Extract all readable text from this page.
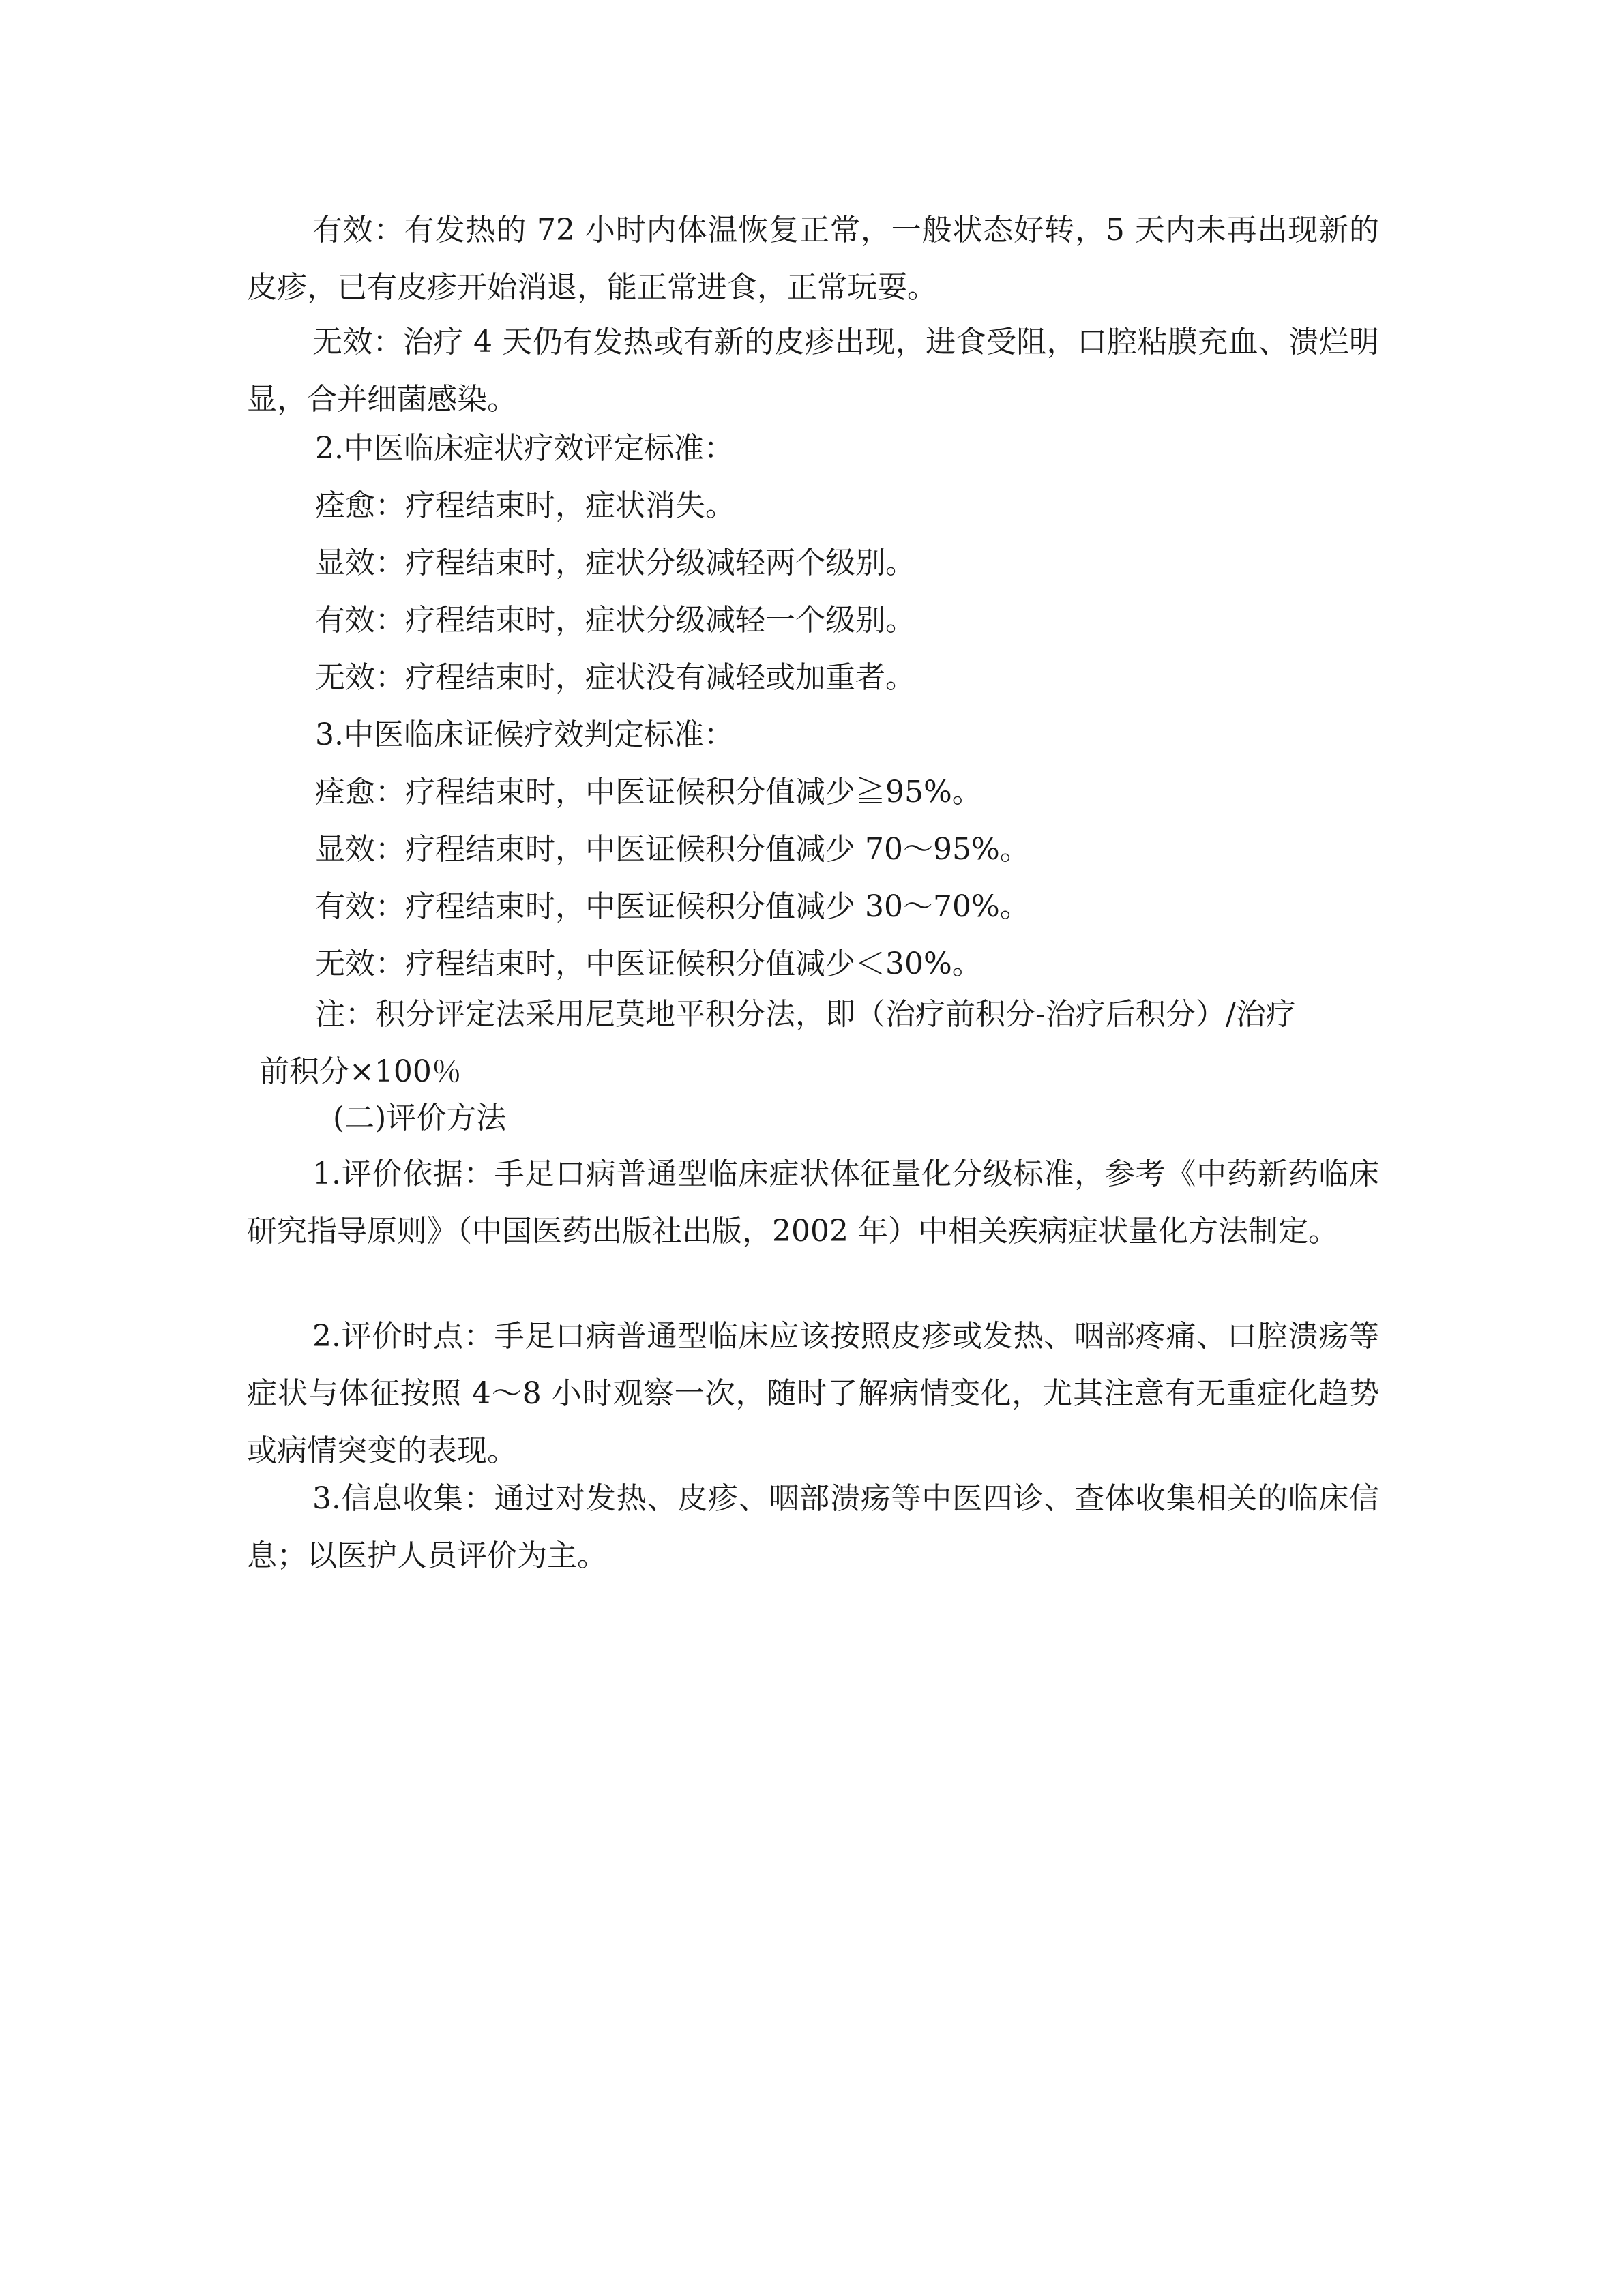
有效：有发热的 72 小时内体温恢复正常，一般状态好转，5 天内未再出现新的皮疹，已有皮疹开始消退，能正常进食，正常玩耍。
无效：治疗 4 天仍有发热或有新的皮疹出现，进食受阻，口腔粘膜充血、溃烂明显，合并细菌感染。
2.中医临床症状疗效评定标准：
痊愈：疗程结束时，症状消失。
显效：疗程结束时，症状分级减轻两个级别。
有效：疗程结束时，症状分级减轻一个级别。
无效：疗程结束时，症状没有减轻或加重者。
3.中医临床证候疗效判定标准：
痊愈：疗程结束时，中医证候积分值减少≧95%。
显效：疗程结束时，中医证候积分值减少 70～95%。
有效：疗程结束时，中医证候积分值减少 30～70%。
无效：疗程结束时，中医证候积分值减少＜30%。
注：积分评定法采用尼莫地平积分法，即（治疗前积分-治疗后积分）/治疗
前积分×100％
(二)评价方法
1.评价依据：手足口病普通型临床症状体征量化分级标准，参考《中药新药临床研究指导原则》（中国医药出版社出版，2002 年）中相关疾病症状量化方法制定。
2.评价时点：手足口病普通型临床应该按照皮疹或发热、咽部疼痛、口腔溃疡等症状与体征按照 4～8 小时观察一次，随时了解病情变化，尤其注意有无重症化趋势或病情突变的表现。
3.信息收集：通过对发热、皮疹、咽部溃疡等中医四诊、查体收集相关的临床信息；以医护人员评价为主。
